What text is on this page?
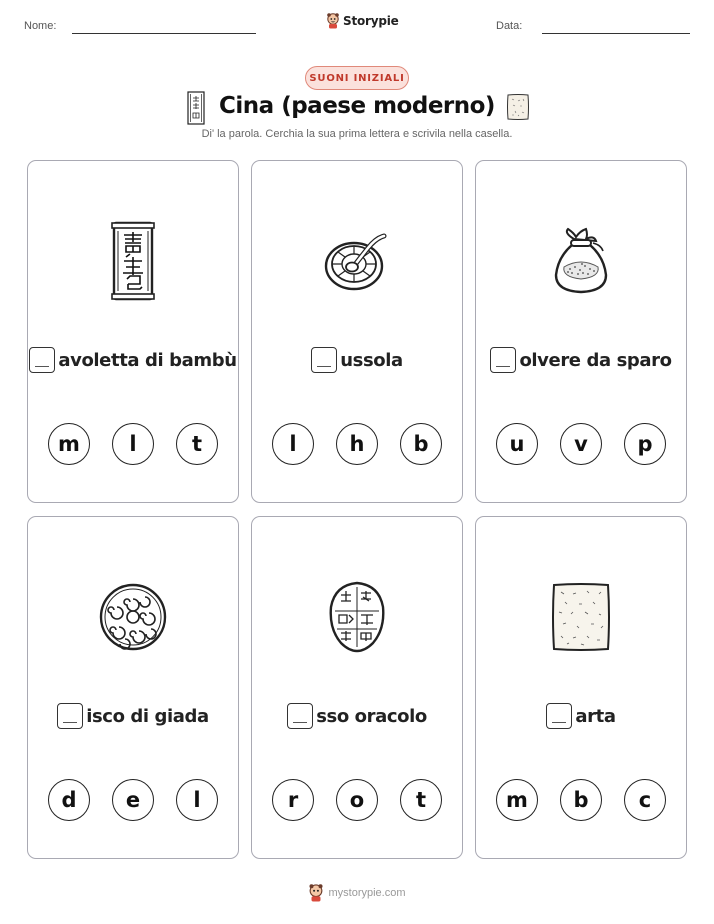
Nome:	Storypie	Data:
SUONI INIZIALI
Cina (paese moderno)
Di' la parola. Cerchia la sua prima lettera e scrivila nella casella.
avoletta di bambù
m	l	t
ussola
l	h	b
olvere da sparo
u	v	p
isco di giada
d	e	l
sso oracolo
r	o	t
arta
m	b	c
mystorypie.com
